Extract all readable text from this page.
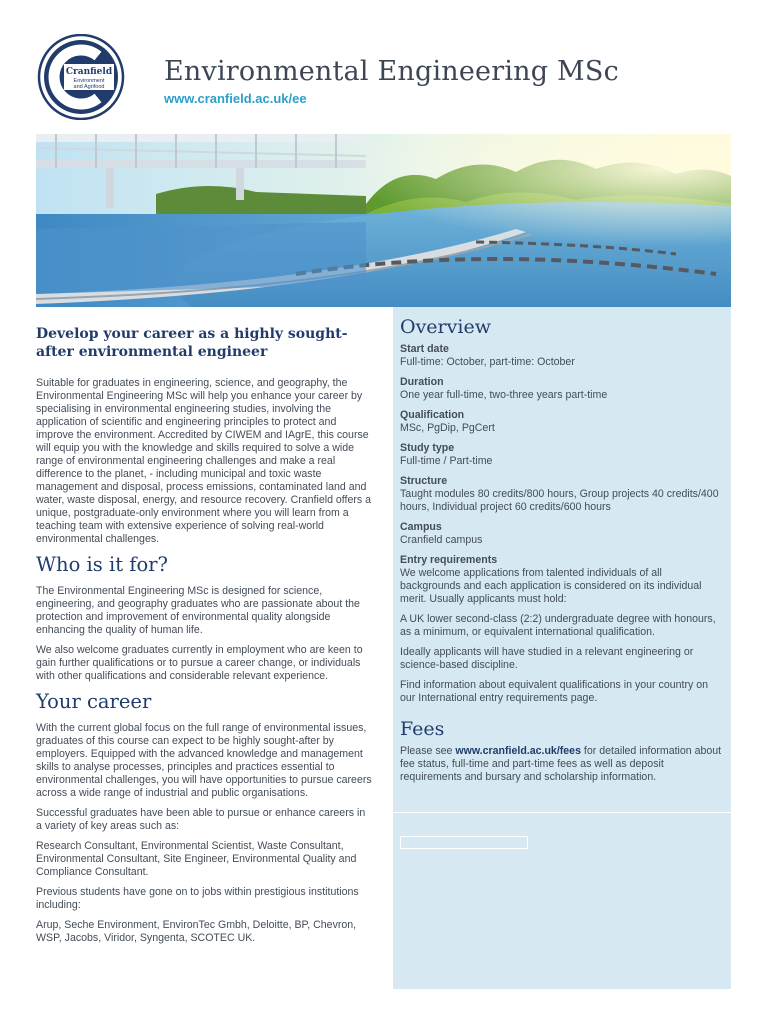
Cranfield
Environment
and Agrifood Environmental Engineering MSc
www.cranfield.ac.uk/ee
Develop your career as a highly sought-after environmental engineer

Suitable for graduates in engineering, science, and geography, the Environmental Engineering MSc will help you enhance your career by specialising in environmental engineering studies, involving the application of scientific and engineering principles to protect and improve the environment. Accredited by CIWEM and IAgrE, this course will equip you with the knowledge and skills required to solve a wide range of environmental engineering challenges and make a real difference to the planet, - including municipal and toxic waste management and disposal, process emissions, contaminated land and water, waste disposal, energy, and resource recovery. Cranfield offers a unique, postgraduate-only environment where you will learn from a teaching team with extensive experience of solving real-world environmental challenges.

Who is it for?

The Environmental Engineering MSc is designed for science, engineering, and geography graduates who are passionate about the protection and improvement of environmental quality alongside enhancing the quality of human life.

We also welcome graduates currently in employment who are keen to gain further qualifications or to pursue a career change, or individuals with other qualifications and considerable relevant experience.

Your career

With the current global focus on the full range of environmental issues, graduates of this course can expect to be highly sought-after by employers. Equipped with the advanced knowledge and management skills to analyse processes, principles and practices essential to environmental challenges, you will have opportunities to pursue careers across a wide range of industrial and public organisations.

Successful graduates have been able to pursue or enhance careers in a variety of key areas such as:

Research Consultant, Environmental Scientist, Waste Consultant, Environmental Consultant, Site Engineer, Environmental Quality and Compliance Consultant.

Previous students have gone on to jobs within prestigious institutions including:

Arup, Seche Environment, EnvironTec Gmbh, Deloitte, BP, Chevron, WSP, Jacobs, Viridor, Syngenta, SCOTEC UK.

Overview
Start date
Full-time: October, part-time: October
Duration
One year full-time, two-three years part-time
Qualification
MSc, PgDip, PgCert
Study type
Full-time / Part-time
Structure
Taught modules 80 credits/800 hours, Group projects 40 credits/400 hours, Individual project 60 credits/600 hours
Campus
Cranfield campus
Entry requirements

We welcome applications from talented individuals of all backgrounds and each application is considered on its individual merit. Usually applicants must hold:

A UK lower second-class (2:2) undergraduate degree with honours, as a minimum, or equivalent international qualification.

Ideally applicants will have studied in a relevant engineering or science-based discipline.

Find information about equivalent qualifications in your country on our International entry requirements page.

Fees

Please see www.cranfield.ac.uk/fees for detailed information about fee status, full-time and part-time fees as well as deposit requirements and bursary and scholarship information.
